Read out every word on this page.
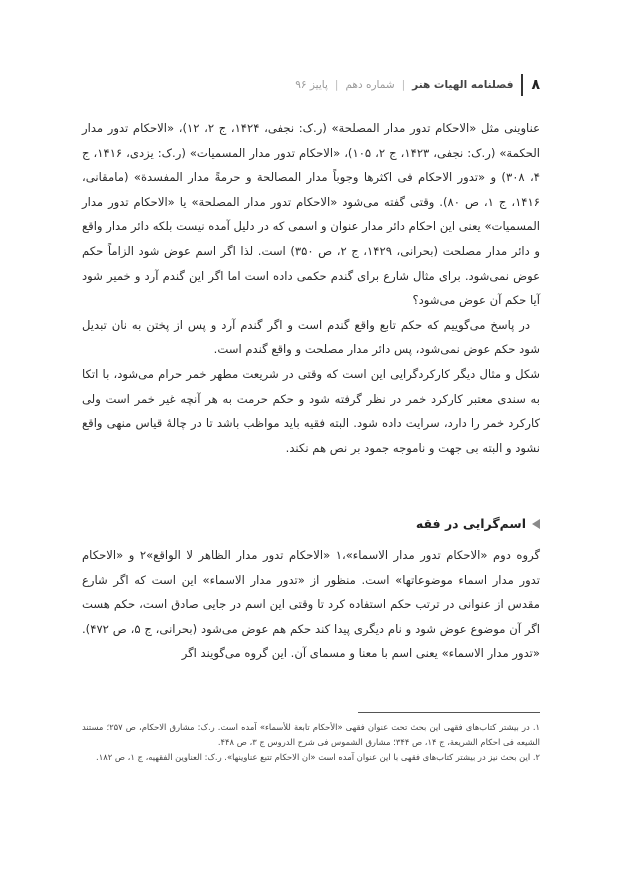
۸
فصلنامه الهیات هنر
|
شماره دهم
|
پاییز ۹۶

عناوینی مثل «الاحکام تدور مدار المصلحة» (ر.ک: نجفی، ۱۴۲۴، ج ۲، ۱۲)، «الاحکام تدور مدار الحکمة» (ر.ک: نجفی، ۱۴۲۳، ج ۲، ۱۰۵)، «الاحکام تدور مدار المسمیات» (ر.ک: یزدی، ۱۴۱۶، ج ۴، ۳۰۸) و «تدور الاحکام فی اکثرها وجوباً مدار المصالحة و حرمةً مدار المفسدة» (مامقانی، ۱۴۱۶، ج ۱، ص ۸۰). وقتی گفته می‌شود «الاحکام تدور مدار المصلحة» یا «الاحکام تدور مدار المسمیات» یعنی این احکام دائر مدار عنوان و اسمی که در دلیل آمده نیست بلکه دائر مدار واقع و دائر مدار مصلحت (بحرانی، ۱۴۲۹، ج ۲، ص ۳۵۰) است. لذا اگر اسم عوض شود الزاماً حکم عوض نمی‌شود. برای مثال شارع برای گندم حکمی داده است اما اگر این گندم آرد و خمیر شود آیا حکم آن عوض می‌شود؟

در پاسخ می‌گوییم که حکم تابع واقع گندم است و اگر گندم آرد و پس از پختن به نان تبدیل شود حکم عوض نمی‌شود، پس دائر مدار مصلحت و واقع گندم است.

شکل و مثال دیگر کارکردگرایی این است که وقتی در شریعت مطهر خمر حرام می‌شود، با اتکا به سندی معتبر کارکرد خمر در نظر گرفته شود و حکم حرمت به هر آنچه غیر خمر است ولی کارکرد خمر را دارد، سرایت داده شود. البته فقیه باید مواظب باشد تا در چالهٔ قیاس منهی واقع نشود و البته بی جهت و ناموجه جمود بر نص هم نکند.

اسم‌گرایی در فقه

گروه دوم «الاحکام تدور مدار الاسماء»،۱ «الاحکام تدور مدار الظاهر لا الواقع»۲ و «الاحکام تدور مدار اسماء موضوعاتها» است. منظور از «تدور مدار الاسماء» این است که اگر شارع مقدس از عنوانی در ترتب حکم استفاده کرد تا وقتی این اسم در جایی صادق است، حکم هست اگر آن موضوع عوض شود و نام دیگری پیدا کند حکم هم عوض می‌شود (بحرانی، ج ۵، ص ۴۷۲). «تدور مدار الاسماء» یعنی اسم با معنا و مسمای آن. این گروه می‌گویند اگر

۱. در بیشتر کتاب‌های فقهی این بحث تحت عنوان فقهی «الأحکام تابعة للأسماء» آمده است. ر.ک: مشارق الاحکام، ص ۲۵۷؛ مستند الشیعه فی احکام الشریعة، ج ۱۴، ص ۳۴۴؛ مشارق الشموس فی شرح الدروس ج ۳، ص ۴۴۸.

۲. این بحث نیز در بیشتر کتاب‌های فقهی با این عنوان آمده است «ان الاحکام تتبع عناوینها». ر.ک: العناوین الفقهیه، ج ۱، ص ۱۸۲.
